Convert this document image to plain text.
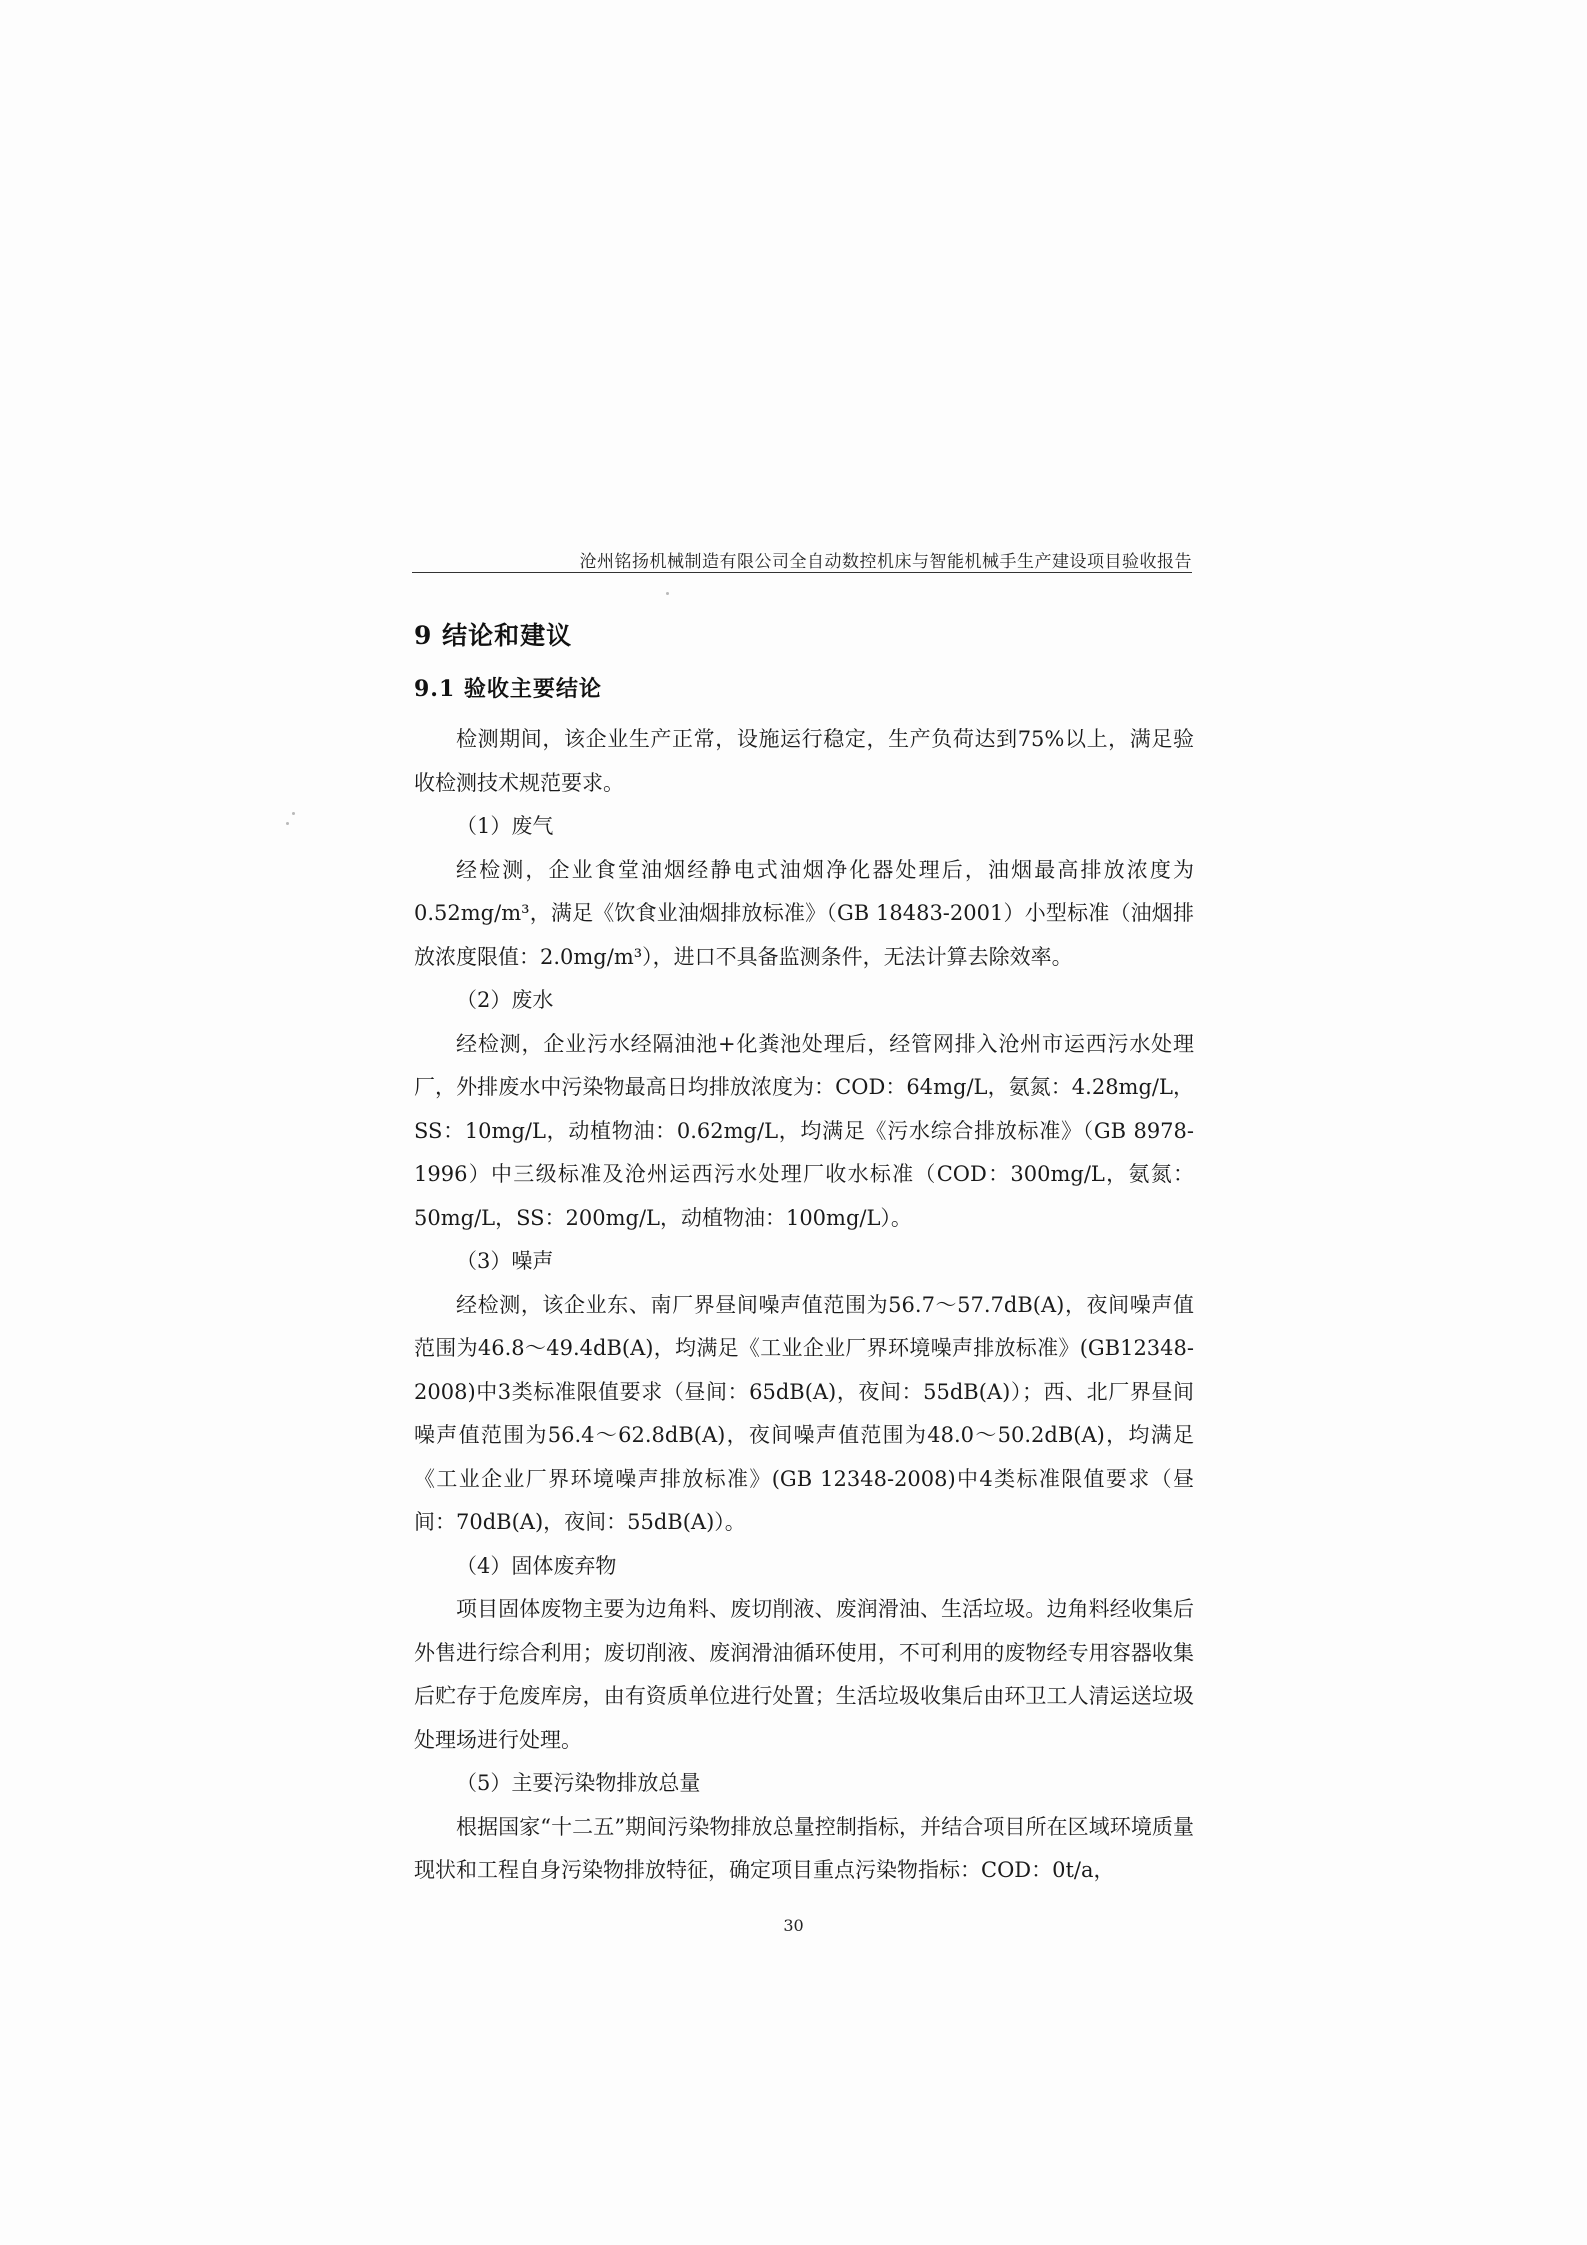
沧州铭扬机械制造有限公司全自动数控机床与智能机械手生产建设项目验收报告
9 结论和建议
9.1 验收主要结论

检测期间，该企业生产正常，设施运行稳定，生产负荷达到75%以上，满足验收检测技术规范要求。

（1）废气

经检测，企业食堂油烟经静电式油烟净化器处理后，油烟最高排放浓度为0.52mg/m³，满足《饮食业油烟排放标准》（GB 18483-2001）小型标准（油烟排放浓度限值：2.0mg/m³），进口不具备监测条件，无法计算去除效率。

（2）废水

经检测，企业污水经隔油池+化粪池处理后，经管网排入沧州市运西污水处理厂，外排废水中污染物最高日均排放浓度为：COD：64mg/L，氨氮：4.28mg/L，SS：10mg/L，动植物油：0.62mg/L，均满足《污水综合排放标准》（GB 8978-1996）中三级标准及沧州运西污水处理厂收水标准（COD：300mg/L，氨氮：50mg/L，SS：200mg/L，动植物油：100mg/L）。

（3）噪声

经检测，该企业东、南厂界昼间噪声值范围为56.7～57.7dB(A)，夜间噪声值范围为46.8～49.4dB(A)，均满足《工业企业厂界环境噪声排放标准》(GB12348-2008)中3类标准限值要求（昼间：65dB(A)，夜间：55dB(A)）；西、北厂界昼间噪声值范围为56.4～62.8dB(A)，夜间噪声值范围为48.0～50.2dB(A)，均满足《工业企业厂界环境噪声排放标准》(GB 12348-2008)中4类标准限值要求（昼间：70dB(A)，夜间：55dB(A)）。

（4）固体废弃物

项目固体废物主要为边角料、废切削液、废润滑油、生活垃圾。边角料经收集后外售进行综合利用；废切削液、废润滑油循环使用，不可利用的废物经专用容器收集后贮存于危废库房，由有资质单位进行处置；生活垃圾收集后由环卫工人清运送垃圾处理场进行处理。

（5）主要污染物排放总量

根据国家“十二五”期间污染物排放总量控制指标，并结合项目所在区域环境质量现状和工程自身污染物排放特征，确定项目重点污染物指标：COD：0t/a，

30
